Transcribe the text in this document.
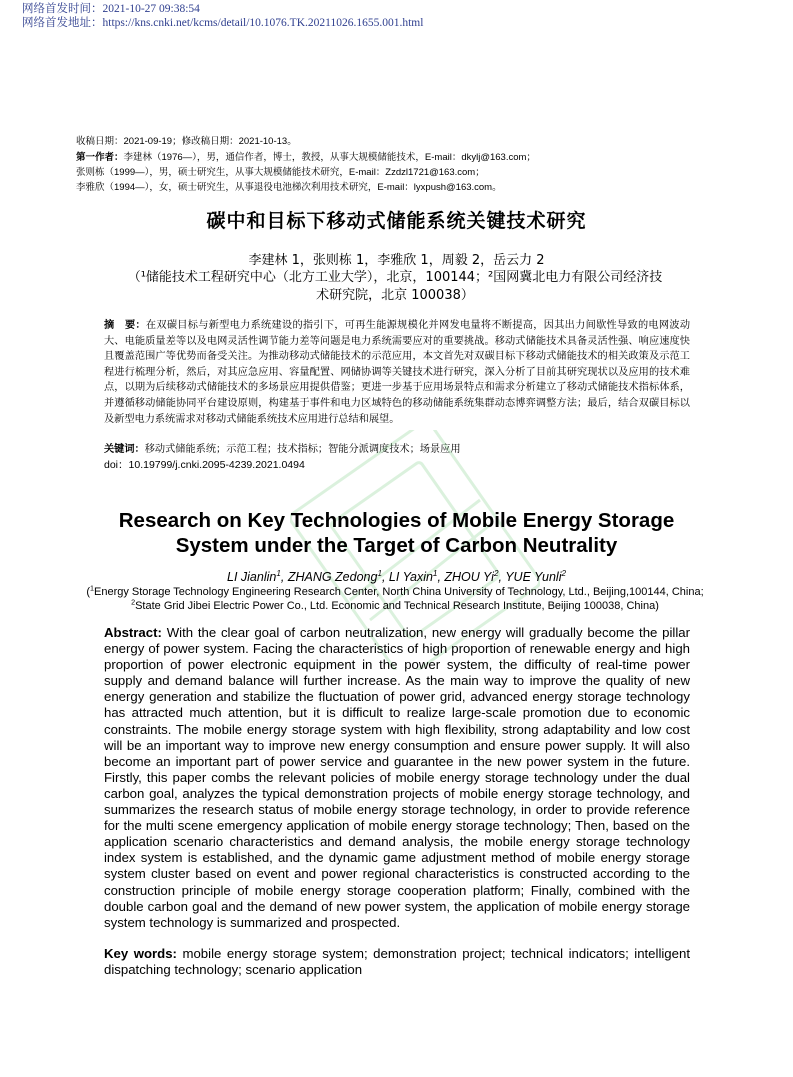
网络首发时间：2021-10-27 09:38:54
网络首发地址：https://kns.cnki.net/kcms/detail/10.1076.TK.20211026.1655.001.html
收稿日期：2021-09-19；修改稿日期：2021-10-13。
第一作者：李建林（1976—），男，通信作者，博士，教授，从事大规模储能技术，E-mail：dkylj@163.com；
张则栋（1999—），男，硕士研究生，从事大规模储能技术研究，E-mail：Zzdzl1721@163.com；
李雅欣（1994—），女，硕士研究生，从事退役电池梯次利用技术研究，E-mail：lyxpush@163.com。
碳中和目标下移动式储能系统关键技术研究
李建林 1，张则栋 1，李雅欣 1，周毅 2，岳云力 2
（¹储能技术工程研究中心（北方工业大学），北京，100144；²国网冀北电力有限公司经济技
术研究院，北京 100038）
摘　要：在双碳目标与新型电力系统建设的指引下，可再生能源规模化并网发电量将不断提高，因其出力间歇性导致的电网波动大、电能质量差等以及电网灵活性调节能力差等问题是电力系统需要应对的重要挑战。移动式储能技术具备灵活性强、响应速度快且覆盖范围广等优势而备受关注。为推动移动式储能技术的示范应用，本文首先对双碳目标下移动式储能技术的相关政策及示范工程进行梳理分析，然后，对其应急应用、容量配置、网储协调等关键技术进行研究，深入分析了目前其研究现状以及应用的技术难点，以期为后续移动式储能技术的多场景应用提供借鉴；更进一步基于应用场景特点和需求分析建立了移动式储能技术指标体系，并遵循移动储能协同平台建设原则，构建基于事件和电力区域特色的移动储能系统集群动态博弈调整方法；最后，结合双碳目标以及新型电力系统需求对移动式储能系统技术应用进行总结和展望。
关键词：移动式储能系统；示范工程；技术指标；智能分派调度技术；场景应用
doi：10.19799/j.cnki.2095-4239.2021.0494
Research on Key Technologies of Mobile Energy Storage
System under the Target of Carbon Neutrality
LI Jianlin$^1$, ZHANG Zedong$^1$, LI Yaxin$^1$, ZHOU Yi$^2$, YUE Yunli$^2$
($^1$Energy Storage Technology Engineering Research Center, North China University of Technology, Ltd., Beijing,100144, China; $^2$State Grid Jibei Electric Power Co., Ltd. Economic and Technical Research Institute, Beijing 100038, China)
Abstract: With the clear goal of carbon neutralization, new energy will gradually become the pillar energy of power system. Facing the characteristics of high proportion of renewable energy and high proportion of power electronic equipment in the power system, the difficulty of real-time power supply and demand balance will further increase. As the main way to improve the quality of new energy generation and stabilize the fluctuation of power grid, advanced energy storage technology has attracted much attention, but it is difficult to realize large-scale promotion due to economic constraints. The mobile energy storage system with high flexibility, strong adaptability and low cost will be an important way to improve new energy consumption and ensure power supply. It will also become an important part of power service and guarantee in the new power system in the future. Firstly, this paper combs the relevant policies of mobile energy storage technology under the dual carbon goal, analyzes the typical demonstration projects of mobile energy storage technology, and summarizes the research status of mobile energy storage technology, in order to provide reference for the multi scene emergency application of mobile energy storage technology; Then, based on the application scenario characteristics and demand analysis, the mobile energy storage technology index system is established, and the dynamic game adjustment method of mobile energy storage system cluster based on event and power regional characteristics is constructed according to the construction principle of mobile energy storage cooperation platform; Finally, combined with the double carbon goal and the demand of new power system, the application of mobile energy storage system technology is summarized and prospected.
Key words: mobile energy storage system; demonstration project; technical indicators; intelligent dispatching technology; scenario application
